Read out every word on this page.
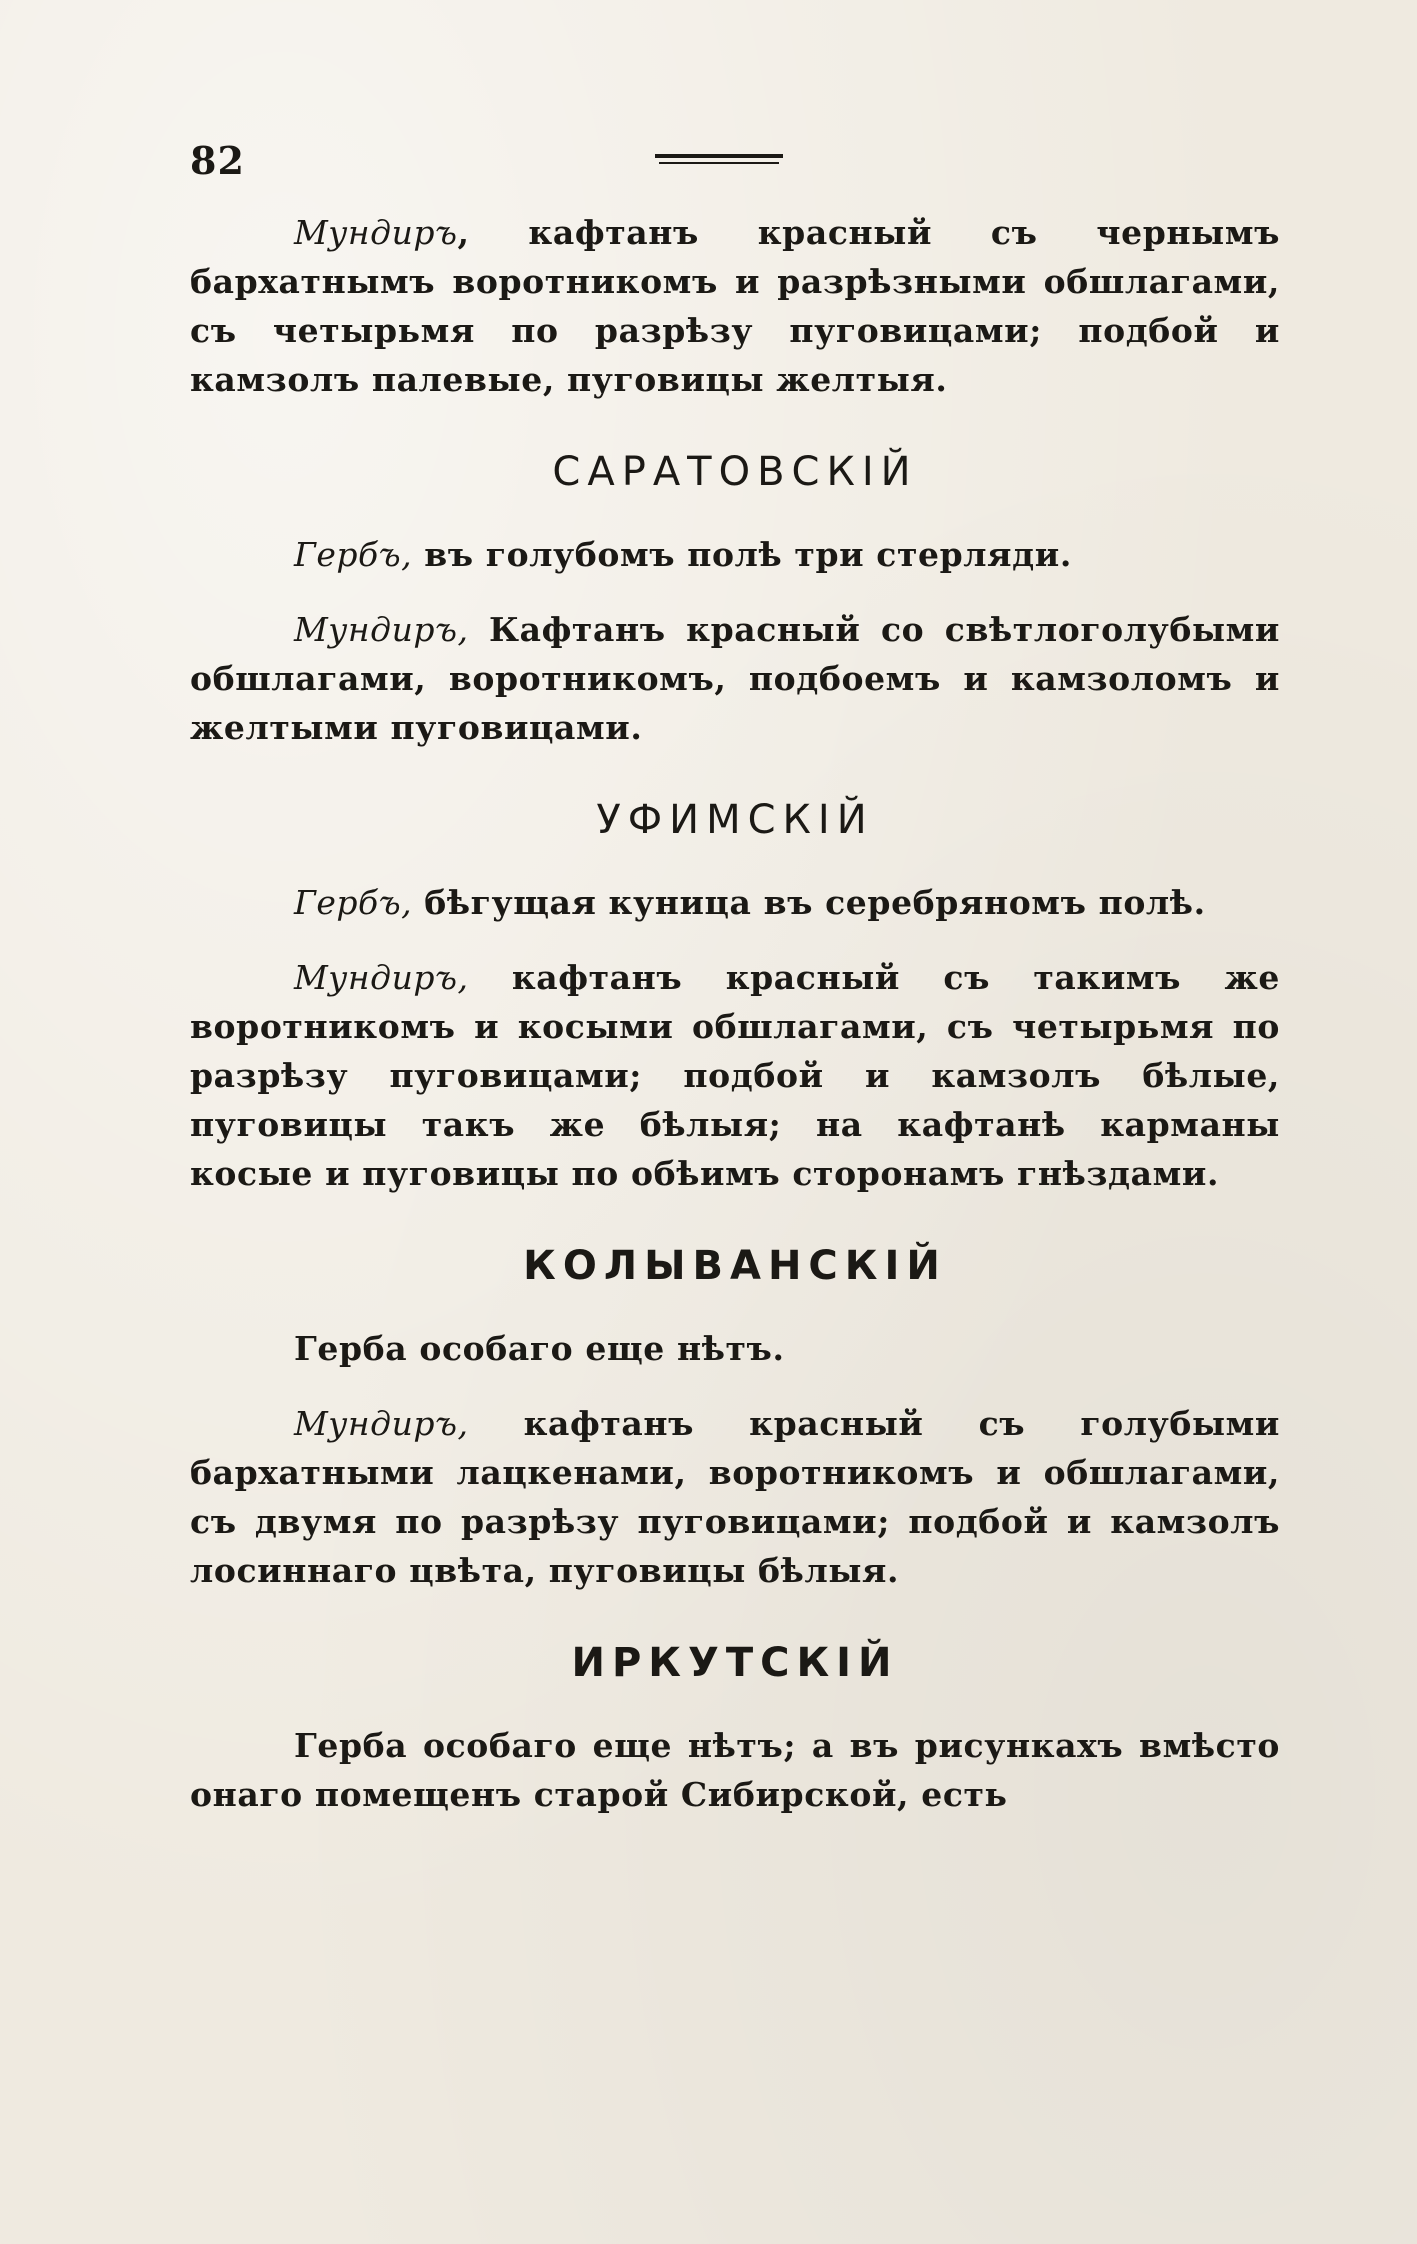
82

Мундиръ, кафтанъ красный съ чернымъ бархатнымъ воротникомъ и разрѣзными обшлагами, съ четырьмя по разрѣзу пуговицами; подбой и камзолъ палевые, пуговицы желтыя.

САРАТОВСКІЙ

Гербъ, въ голубомъ полѣ три стерляди.

Мундиръ, Кафтанъ красный со свѣтлоголубыми обшлагами, воротникомъ, подбоемъ и камзоломъ и желтыми пуговицами.

УФИМСКІЙ

Гербъ, бѣгущая куница въ серебряномъ полѣ.

Мундиръ, кафтанъ красный съ такимъ же воротникомъ и косыми обшлагами, съ четырьмя по разрѣзу пуговицами; подбой и камзолъ бѣлые, пуговицы такъ же бѣлыя; на кафтанѣ карманы косые и пуговицы по обѣимъ сторонамъ гнѣздами.

КОЛЫВАНСКІЙ

Герба особаго еще нѣтъ.

Мундиръ, кафтанъ красный съ голубыми бархатными лацкенами, воротникомъ и обшлагами, съ двумя по разрѣзу пуговицами; подбой и камзолъ лосиннаго цвѣта, пуговицы бѣлыя.

ИРКУТСКІЙ

Герба особаго еще нѣтъ; а въ рисункахъ вмѣсто онаго помещенъ старой Сибирской, есть
